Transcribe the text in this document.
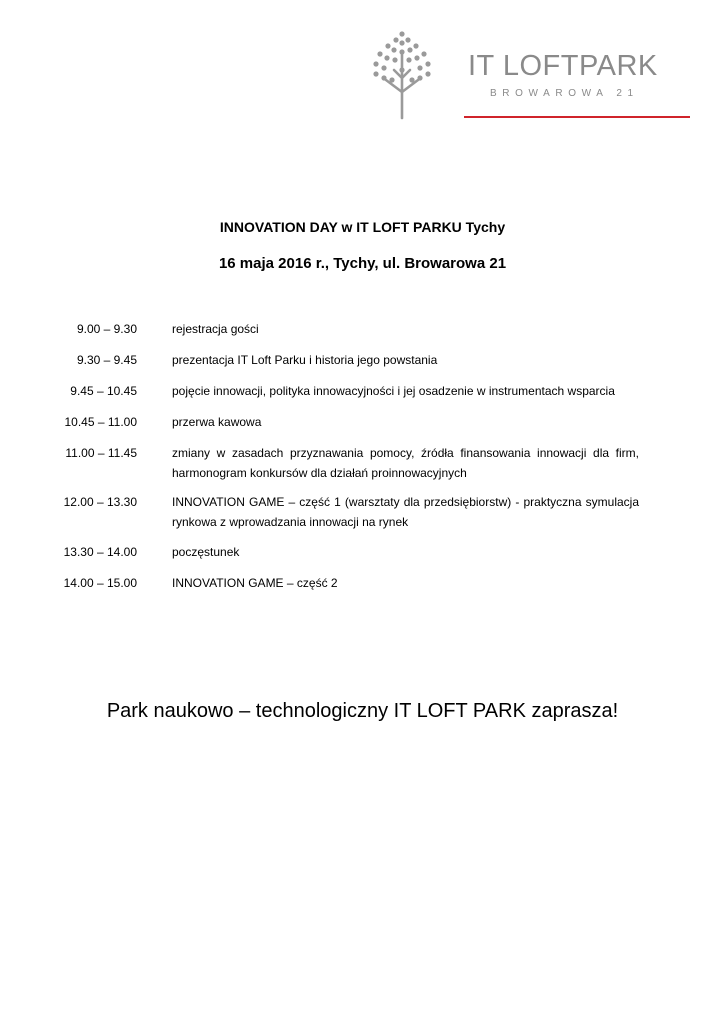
IT LOFTPARK
BROWAROWA 21
INNOVATION DAY w IT LOFT PARKU Tychy
16 maja 2016 r., Tychy, ul. Browarowa 21
9.00 – 9.30	rejestracja gości
9.30 – 9.45	prezentacja IT Loft Parku i historia jego powstania
9.45 – 10.45	pojęcie innowacji, polityka innowacyjności i jej osadzenie w instrumentach wsparcia
10.45 – 11.00	przerwa kawowa
11.00 – 11.45	zmiany w zasadach przyznawania pomocy, źródła finansowania innowacji dla firm, harmonogram konkursów dla działań proinnowacyjnych
12.00 – 13.30	INNOVATION GAME – część 1 (warsztaty dla przedsiębiorstw) - praktyczna symulacja rynkowa z wprowadzania innowacji na rynek
13.30 – 14.00	poczęstunek
14.00 – 15.00	INNOVATION GAME – część 2
Park naukowo – technologiczny IT LOFT PARK zaprasza!
